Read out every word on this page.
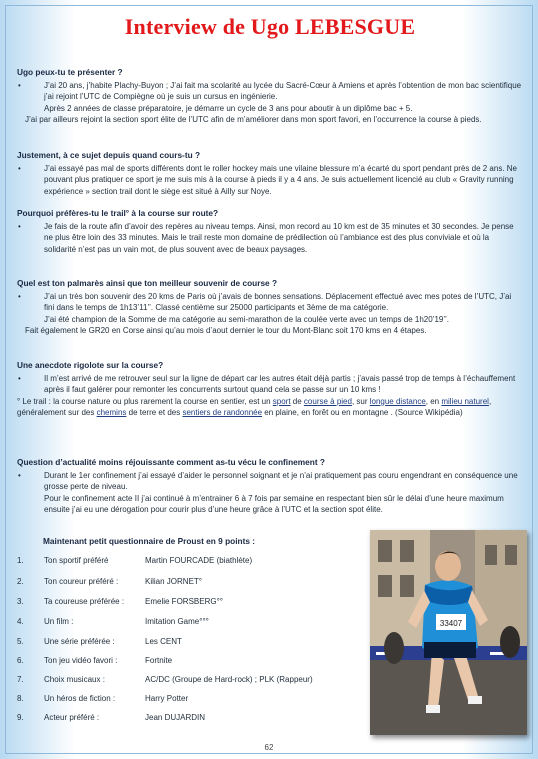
Interview de Ugo LEBESGUE

Ugo peux-tu te présenter ?

•	J’ai 20 ans, j’habite Plachy-Buyon ; J’ai fait ma scolarité au lycée du Sacré-Cœur à Amiens et après l’obtention de mon bac scientifique j’ai rejoint l’UTC de Compiègne où je suis un cursus en ingénierie.
Après 2 années de classe préparatoire, je démarre un cycle de 3 ans pour aboutir à un diplôme bac + 5.
J’ai par ailleurs rejoint la section sport élite de l’UTC afin de m’améliorer dans mon sport favori, en l’occurrence la course à pieds.

Justement, à ce sujet depuis quand cours-tu ?

•	J’ai essayé pas mal de sports différents dont le roller hockey mais une vilaine blessure m’a écarté du sport pendant près de 2 ans. Ne pouvant plus pratiquer ce sport je me suis mis à la course à pieds il y a 4 ans. Je suis actuellement licencié au club « Gravity running expérience » section trail dont le siège est situé à Ailly sur Noye.

Pourquoi préfères-tu le trail° à la course sur route?

•	Je fais de la route afin d’avoir des repères au niveau temps. Ainsi, mon record au 10 km est de 35 minutes et 30 secondes. Je pense ne plus être loin des 33 minutes. Mais le trail reste mon domaine de prédilection où l’ambiance est des plus conviviale et où la solidarité n’est pas un vain mot, de plus souvent avec de beaux paysages.

Quel est ton palmarès ainsi que ton meilleur souvenir de course ?

•	J’ai un très bon souvenir des 20 kms de Paris où j’avais de bonnes sensations. Déplacement effectué avec mes potes de l’UTC, J’ai fini dans le temps de 1h13’11’’. Classé centième sur 25000 participants et 3ème de ma catégorie.
J’ai été champion de la Somme de ma catégorie au semi-marathon de la coulée verte avec un temps de 1h20’19’’.
Fait également le GR20 en Corse ainsi qu’au mois d’aout dernier le tour du Mont-Blanc soit 170 kms en 4 étapes.

Une anecdote rigolote sur la course?

•	Il m’est arrivé de me retrouver seul sur la ligne de départ car les autres était déjà partis ; j’avais passé trop de temps à l’échauffement après il faut galérer pour remonter les concurrents surtout quand cela se passe sur un 10 kms !
° Le trail : la course nature ou plus rarement la course en sentier, est un sport de course à pied, sur longue distance, en milieu naturel, généralement sur des chemins de terre et des sentiers de randonnée en plaine, en forêt ou en montagne . (Source Wikipédia)

Question d’actualité moins réjouissante comment as-tu vécu le confinement ?

•	Durant le 1er confinement j’ai essayé d’aider le personnel soignant et je n’ai pratiquement pas couru engendrant en conséquence une grosse perte de niveau.
Pour le confinement acte II j’ai continué à m’entrainer 6 à 7 fois par semaine en respectant bien sûr le délai d’une heure maximum ensuite j’ai eu une dérogation pour courir plus d’une heure grâce à l’UTC et la section spot élite.

Maintenant petit questionnaire de Proust en 9 points :

1.	Ton sportif préféré	Martin FOURCADE (biathlète)
2.	Ton coureur préféré :	Kilian JORNET°
3.	Ta coureuse préférée :	Emelie FORSBERG°°
4.	Un film :	Imitation Game°°°
5.	Une série préférée :	Les CENT
6.	Ton jeu vidéo favori :	Fortnite
7.	Choix musicaux :	AC/DC (Groupe de Hard-rock) ; PLK (Rappeur)
8.	Un héros de fiction :	Harry Potter
9.	Acteur préféré :	Jean DUJARDIN
33407
62
